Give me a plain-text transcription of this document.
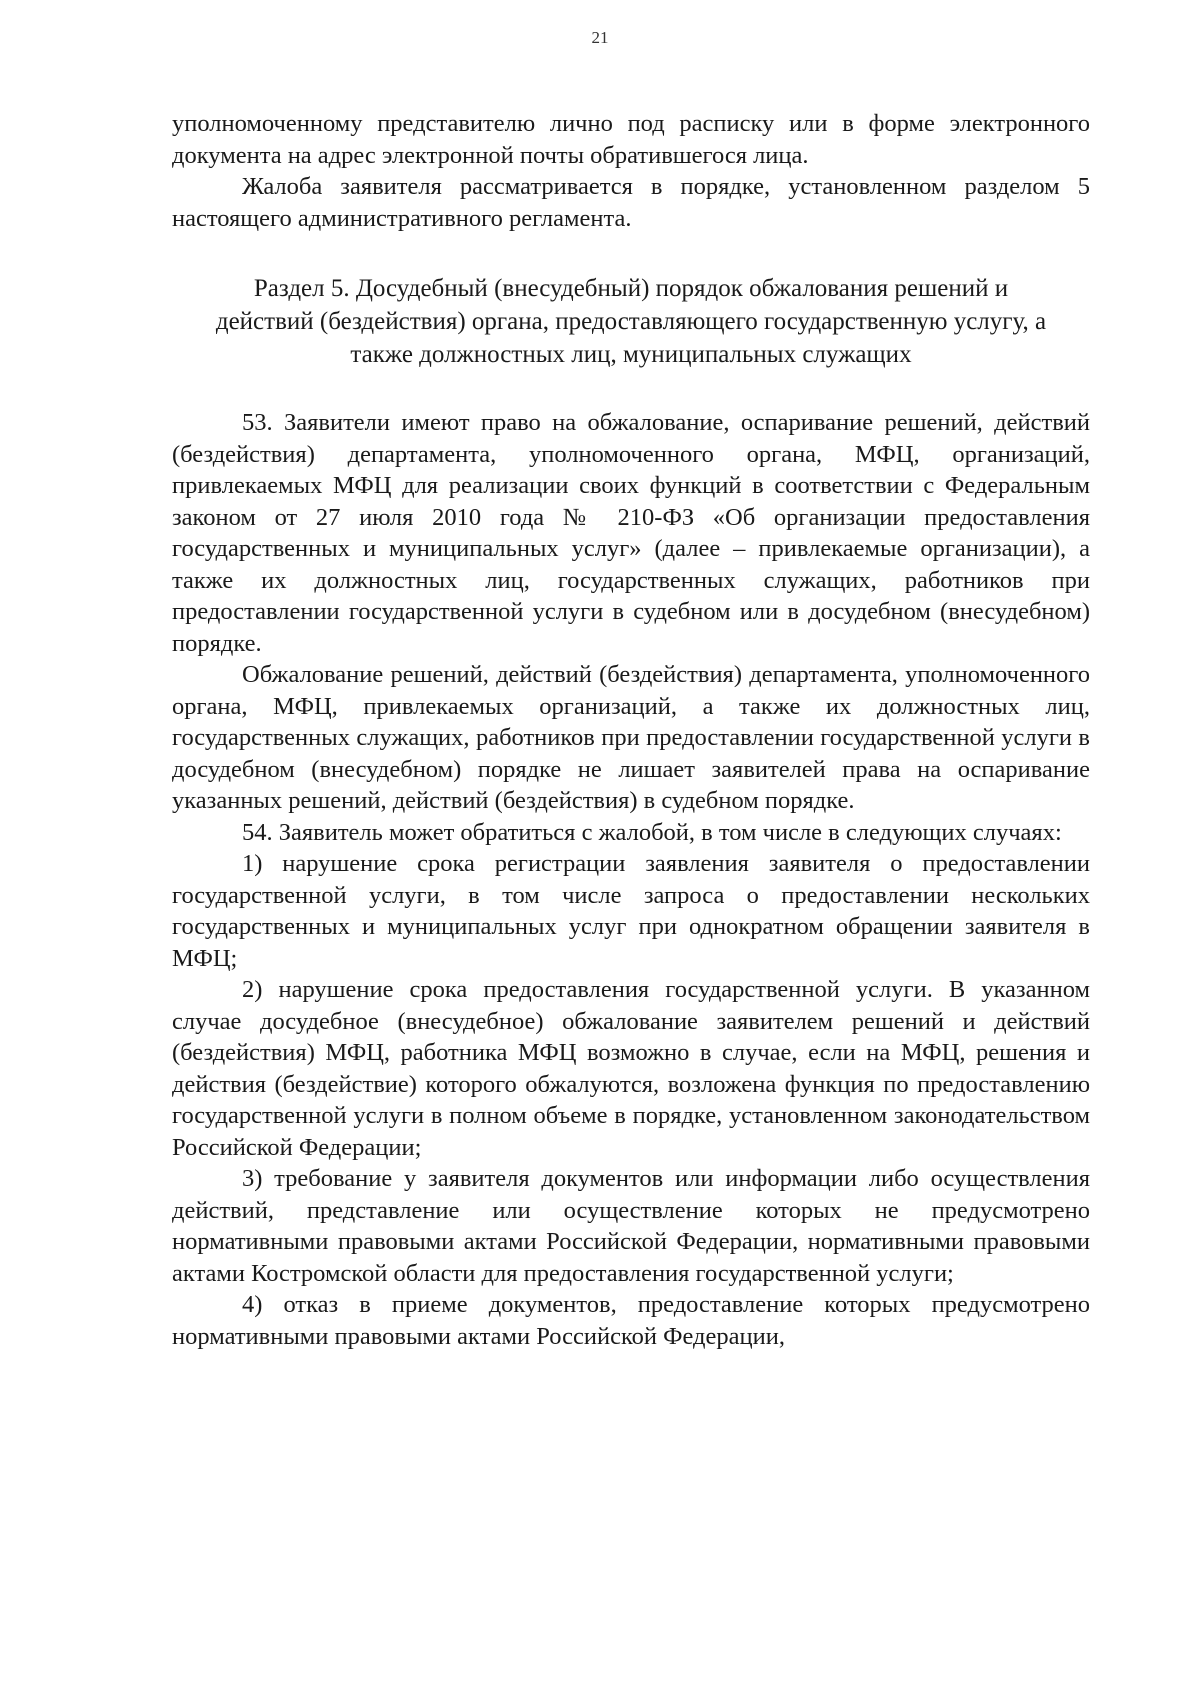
21

уполномоченному представителю лично под расписку или в форме электронного документа на адрес электронной почты обратившегося лица.

Жалоба заявителя рассматривается в порядке, установленном разделом 5 настоящего административного регламента.

Раздел 5. Досудебный (внесудебный) порядок обжалования решений и действий (бездействия) органа, предоставляющего государственную услугу, а также должностных лиц, муниципальных служащих

53. Заявители имеют право на обжалование, оспаривание решений, действий (бездействия) департамента, уполномоченного органа, МФЦ, организаций, привлекаемых МФЦ для реализации своих функций в соответствии с Федеральным законом от 27 июля 2010 года № 210-ФЗ «Об организации предоставления государственных и муниципальных услуг» (далее – привлекаемые организации), а также их должностных лиц, государственных служащих, работников при предоставлении государственной услуги в судебном или в досудебном (внесудебном) порядке.

Обжалование решений, действий (бездействия) департамента, уполномоченного органа, МФЦ, привлекаемых организаций, а также их должностных лиц, государственных служащих, работников при предоставлении государственной услуги в досудебном (внесудебном) порядке не лишает заявителей права на оспаривание указанных решений, действий (бездействия) в судебном порядке.

54. Заявитель может обратиться с жалобой, в том числе в следующих случаях:

1) нарушение срока регистрации заявления заявителя о предоставлении государственной услуги, в том числе запроса о предоставлении нескольких государственных и муниципальных услуг при однократном обращении заявителя в МФЦ;

2) нарушение срока предоставления государственной услуги. В указанном случае досудебное (внесудебное) обжалование заявителем решений и действий (бездействия) МФЦ, работника МФЦ возможно в случае, если на МФЦ, решения и действия (бездействие) которого обжалуются, возложена функция по предоставлению государственной услуги в полном объеме в порядке, установленном законодательством Российской Федерации;

3) требование у заявителя документов или информации либо осуществления действий, представление или осуществление которых не предусмотрено нормативными правовыми актами Российской Федерации, нормативными правовыми актами Костромской области для предоставления государственной услуги;

4) отказ в приеме документов, предоставление которых предусмотрено нормативными правовыми актами Российской Федерации,
